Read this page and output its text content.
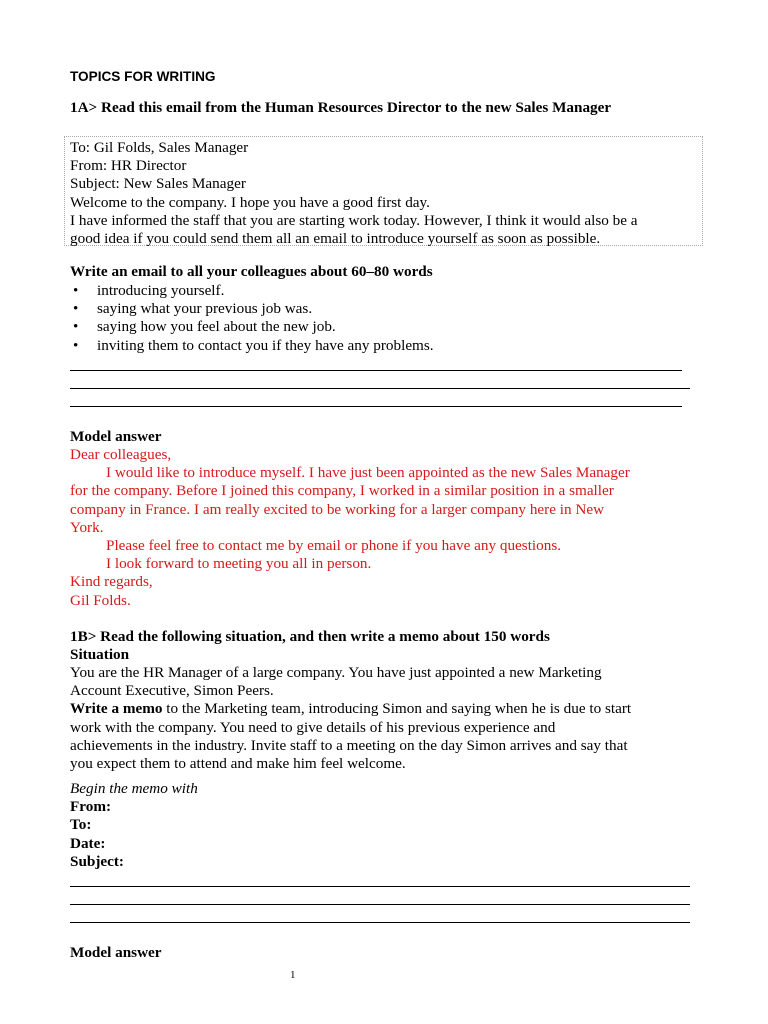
TOPICS FOR WRITING
1A> Read this email from the Human Resources Director to the new Sales Manager
To: Gil Folds, Sales Manager
From: HR Director
Subject: New Sales Manager
Welcome to the company. I hope you have a good first day.
I have informed the staff that you are starting work today. However, I think it would also be a
good idea if you could send them all an email to introduce yourself as soon as possible.
Write an email to all your colleagues about 60–80 words
• introducing yourself.
• saying what your previous job was.
• saying how you feel about the new job.
• inviting them to contact you if they have any problems.
Model answer
Dear colleagues,
I would like to introduce myself. I have just been appointed as the new Sales Manager
for the company. Before I joined this company, I worked in a similar position in a smaller
company in France. I am really excited to be working for a larger company here in New
York.
Please feel free to contact me by email or phone if you have any questions.
I look forward to meeting you all in person.
Kind regards,
Gil Folds.
1B> Read the following situation, and then write a memo about 150 words
Situation
You are the HR Manager of a large company. You have just appointed a new Marketing
Account Executive, Simon Peers.
Write a memo to the Marketing team, introducing Simon and saying when he is due to start
work with the company. You need to give details of his previous experience and
achievements in the industry. Invite staff to a meeting on the day Simon arrives and say that
you expect them to attend and make him feel welcome.
Begin the memo with
From:
To:
Date:
Subject:
Model answer
1
